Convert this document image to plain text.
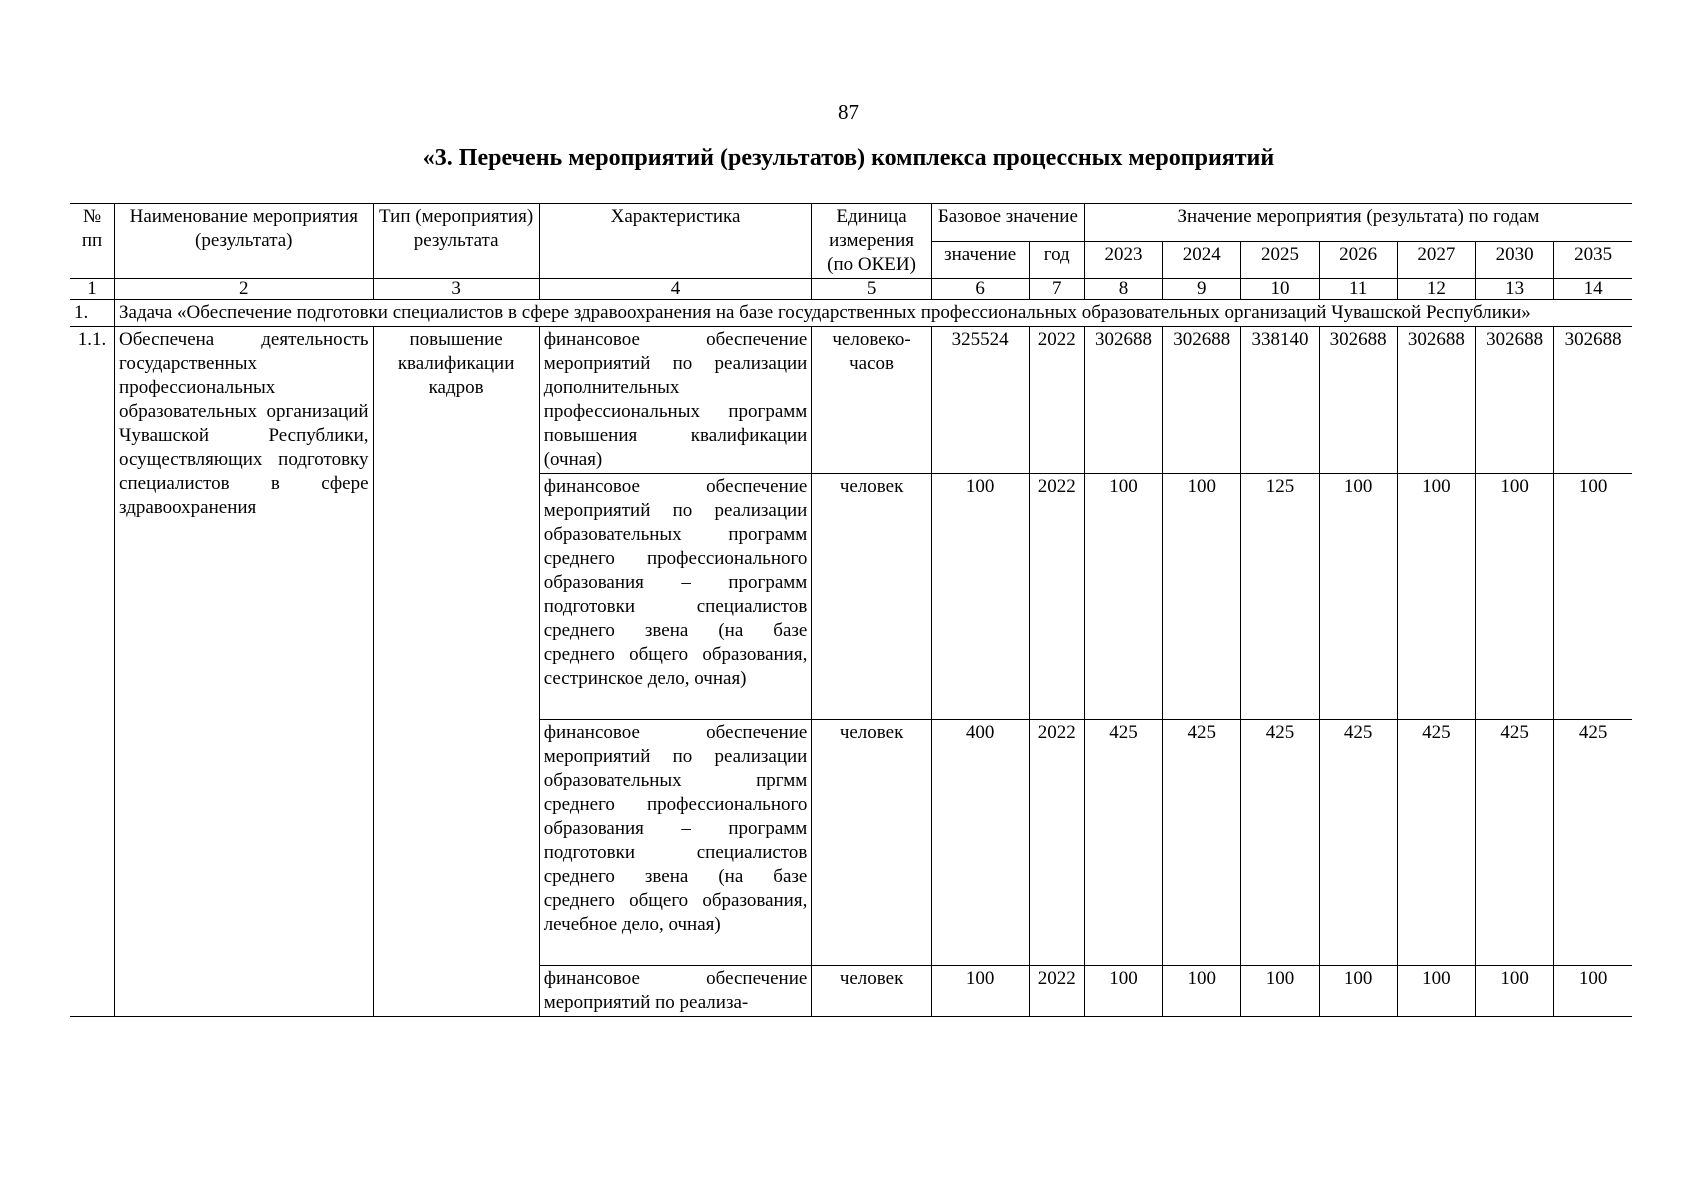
87
«3. Перечень мероприятий (результатов) комплекса процессных мероприятий
№ пп	Наименование мероприятия (результата)	Тип (мероприятия) результата	Характеристика	Единица измерения (по ОКЕИ)	Базовое значение		Значение мероприятия (результата) по годам						
					значение	год	2023	2024	2025	2026	2027	2030	2035
1	2	3	4	5	6	7	8	9	10	11	12	13	14
1.	Задача «Обеспечение подготовки специалистов в сфере здравоохранения на базе государственных профессиональных образовательных организаций Чувашской Республики»												
1.1.	Обеспечена деятельность государственных профессиональных образовательных организаций Чувашской Республики, осуществляющих подготовку специалистов в сфере здравоохранения	повышение квалификации кадров	финансовое обеспечение мероприятий по реализации дополнительных профессиональных программ повышения квалификации (очная)	человеко-часов	325524	2022	302688	302688	338140	302688	302688	302688	302688
			финансовое обеспечение мероприятий по реализации образовательных программ среднего профессионального образования – программ подготовки специалистов среднего звена (на базе среднего общего образования, сестринское дело, очная)	человек	100	2022	100	100	125	100	100	100	100
			финансовое обеспечение мероприятий по реализации образовательных пргмм среднего профессионального образования – программ подготовки специалистов среднего звена (на базе среднего общего образования, лечебное дело, очная)	человек	400	2022	425	425	425	425	425	425	425
			финансовое обеспечение мероприятий по реализа-	человек	100	2022	100	100	100	100	100	100	100
